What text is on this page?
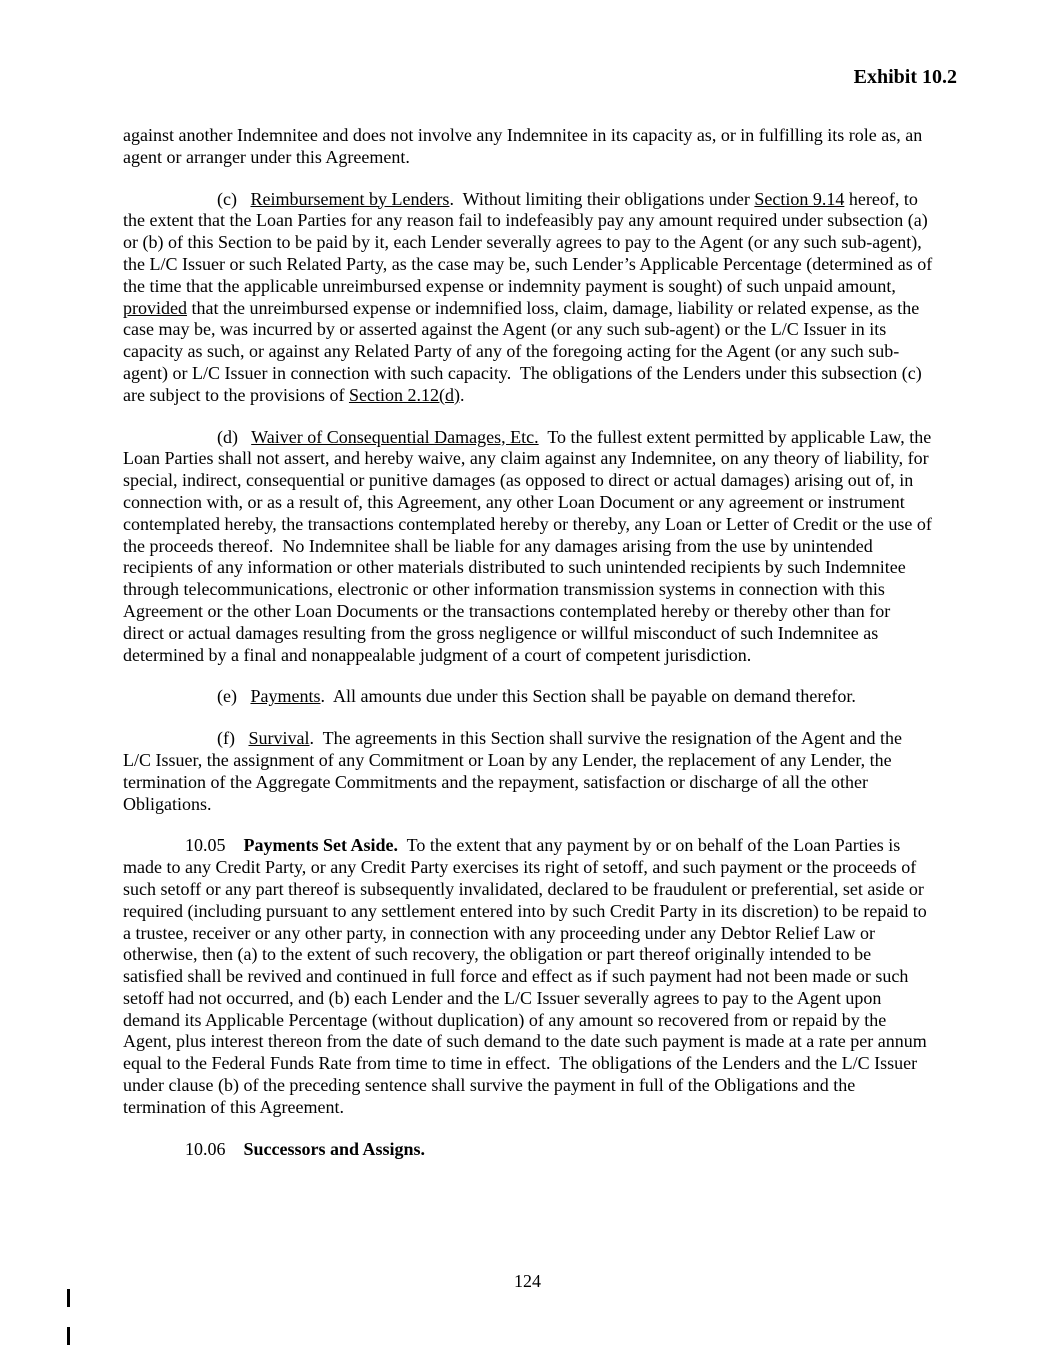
Exhibit 10.2

against another Indemnitee and does not involve any Indemnitee in its capacity as, or in fulfilling its role as, an agent or arranger under this Agreement.

(c)   Reimbursement by Lenders.  Without limiting their obligations under Section 9.14 hereof, to the extent that the Loan Parties for any reason fail to indefeasibly pay any amount required under subsection (a) or (b) of this Section to be paid by it, each Lender severally agrees to pay to the Agent (or any such sub-agent), the L/C Issuer or such Related Party, as the case may be, such Lender’s Applicable Percentage (determined as of the time that the applicable unreimbursed expense or indemnity payment is sought) of such unpaid amount, provided that the unreimbursed expense or indemnified loss, claim, damage, liability or related expense, as the case may be, was incurred by or asserted against the Agent (or any such sub-agent) or the L/C Issuer in its capacity as such, or against any Related Party of any of the foregoing acting for the Agent (or any such sub-agent) or L/C Issuer in connection with such capacity.  The obligations of the Lenders under this subsection (c) are subject to the provisions of Section 2.12(d).

(d)   Waiver of Consequential Damages, Etc.  To the fullest extent permitted by applicable Law, the Loan Parties shall not assert, and hereby waive, any claim against any Indemnitee, on any theory of liability, for special, indirect, consequential or punitive damages (as opposed to direct or actual damages) arising out of, in connection with, or as a result of, this Agreement, any other Loan Document or any agreement or instrument contemplated hereby, the transactions contemplated hereby or thereby, any Loan or Letter of Credit or the use of the proceeds thereof.  No Indemnitee shall be liable for any damages arising from the use by unintended recipients of any information or other materials distributed to such unintended recipients by such Indemnitee through telecommunications, electronic or other information transmission systems in connection with this Agreement or the other Loan Documents or the transactions contemplated hereby or thereby other than for direct or actual damages resulting from the gross negligence or willful misconduct of such Indemnitee as determined by a final and nonappealable judgment of a court of competent jurisdiction.

(e)   Payments.  All amounts due under this Section shall be payable on demand therefor.

(f)   Survival.  The agreements in this Section shall survive the resignation of the Agent and the L/C Issuer, the assignment of any Commitment or Loan by any Lender, the replacement of any Lender, the termination of the Aggregate Commitments and the repayment, satisfaction or discharge of all the other Obligations.

10.05    Payments Set Aside.  To the extent that any payment by or on behalf of the Loan Parties is made to any Credit Party, or any Credit Party exercises its right of setoff, and such payment or the proceeds of such setoff or any part thereof is subsequently invalidated, declared to be fraudulent or preferential, set aside or required (including pursuant to any settlement entered into by such Credit Party in its discretion) to be repaid to a trustee, receiver or any other party, in connection with any proceeding under any Debtor Relief Law or otherwise, then (a) to the extent of such recovery, the obligation or part thereof originally intended to be satisfied shall be revived and continued in full force and effect as if such payment had not been made or such setoff had not occurred, and (b) each Lender and the L/C Issuer severally agrees to pay to the Agent upon demand its Applicable Percentage (without duplication) of any amount so recovered from or repaid by the Agent, plus interest thereon from the date of such demand to the date such payment is made at a rate per annum equal to the Federal Funds Rate from time to time in effect.  The obligations of the Lenders and the L/C Issuer under clause (b) of the preceding sentence shall survive the payment in full of the Obligations and the termination of this Agreement.

10.06    Successors and Assigns.

124
